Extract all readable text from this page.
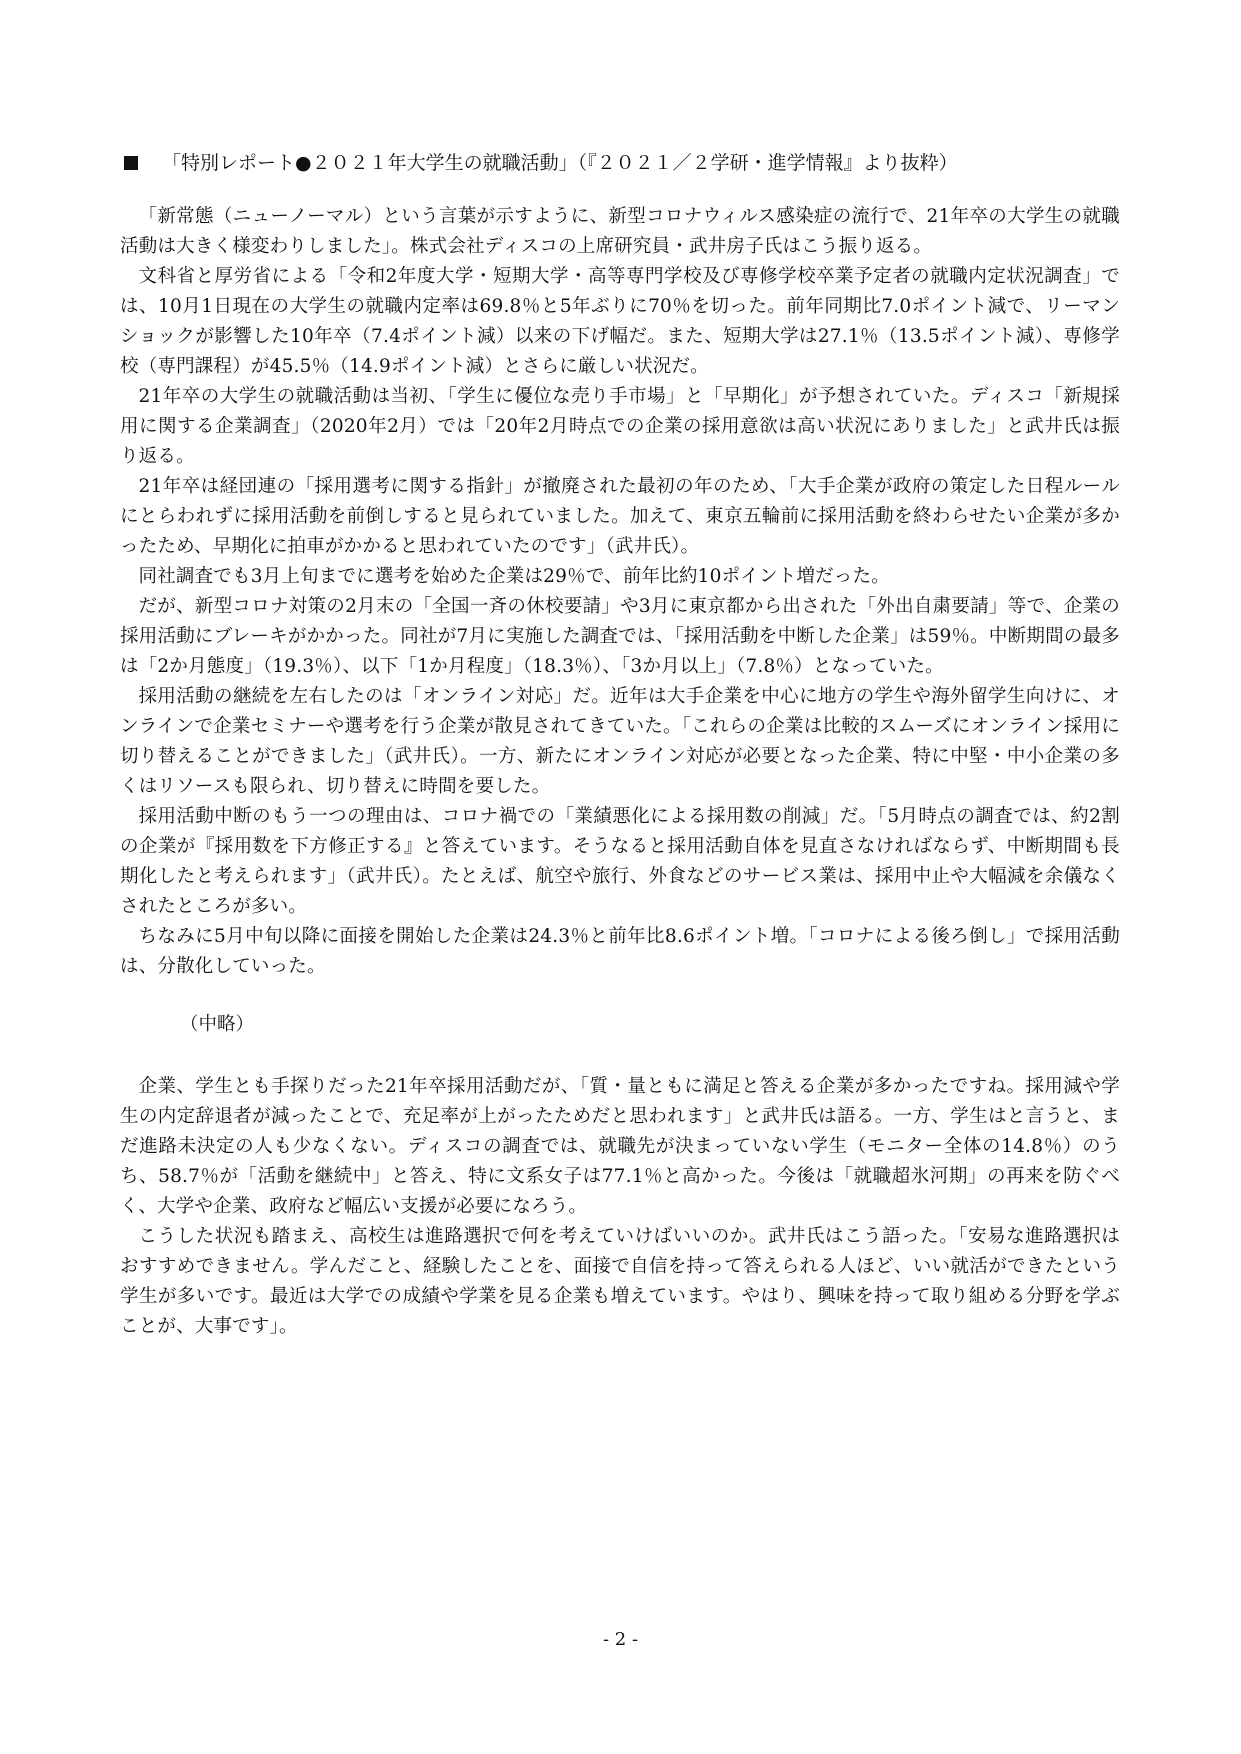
「特別レポート●２０２１年大学生の就職活動」（『２０２１／２学研・進学情報』より抜粋）

「新常態（ニューノーマル）という言葉が示すように、新型コロナウィルス感染症の流行で、21年卒の大学生の就職活動は大きく様変わりしました」。株式会社ディスコの上席研究員・武井房子氏はこう振り返る。

文科省と厚労省による「令和2年度大学・短期大学・高等専門学校及び専修学校卒業予定者の就職内定状況調査」では、10月1日現在の大学生の就職内定率は69.8％と5年ぶりに70％を切った。前年同期比7.0ポイント減で、リーマンショックが影響した10年卒（7.4ポイント減）以来の下げ幅だ。また、短期大学は27.1％（13.5ポイント減）、専修学校（専門課程）が45.5％（14.9ポイント減）とさらに厳しい状況だ。

21年卒の大学生の就職活動は当初、「学生に優位な売り手市場」と「早期化」が予想されていた。ディスコ「新規採用に関する企業調査」（2020年2月）では「20年2月時点での企業の採用意欲は高い状況にありました」と武井氏は振り返る。

21年卒は経団連の「採用選考に関する指針」が撤廃された最初の年のため、「大手企業が政府の策定した日程ルールにとらわれずに採用活動を前倒しすると見られていました。加えて、東京五輪前に採用活動を終わらせたい企業が多かったため、早期化に拍車がかかると思われていたのです」（武井氏）。

同社調査でも3月上旬までに選考を始めた企業は29％で、前年比約10ポイント増だった。

だが、新型コロナ対策の2月末の「全国一斉の休校要請」や3月に東京都から出された「外出自粛要請」等で、企業の採用活動にブレーキがかかった。同社が7月に実施した調査では、「採用活動を中断した企業」は59％。中断期間の最多は「2か月態度」（19.3％）、以下「1か月程度」（18.3％）、「3か月以上」（7.8％）となっていた。

採用活動の継続を左右したのは「オンライン対応」だ。近年は大手企業を中心に地方の学生や海外留学生向けに、オンラインで企業セミナーや選考を行う企業が散見されてきていた。「これらの企業は比較的スムーズにオンライン採用に切り替えることができました」（武井氏）。一方、新たにオンライン対応が必要となった企業、特に中堅・中小企業の多くはリソースも限られ、切り替えに時間を要した。

採用活動中断のもう一つの理由は、コロナ禍での「業績悪化による採用数の削減」だ。「5月時点の調査では、約2割の企業が『採用数を下方修正する』と答えています。そうなると採用活動自体を見直さなければならず、中断期間も長期化したと考えられます」（武井氏）。たとえば、航空や旅行、外食などのサービス業は、採用中止や大幅減を余儀なくされたところが多い。

ちなみに5月中旬以降に面接を開始した企業は24.3％と前年比8.6ポイント増。「コロナによる後ろ倒し」で採用活動は、分散化していった。

（中略）

企業、学生とも手探りだった21年卒採用活動だが、「質・量ともに満足と答える企業が多かったですね。採用減や学生の内定辞退者が減ったことで、充足率が上がったためだと思われます」と武井氏は語る。一方、学生はと言うと、まだ進路未決定の人も少なくない。ディスコの調査では、就職先が決まっていない学生（モニター全体の14.8％）のうち、58.7％が「活動を継続中」と答え、特に文系女子は77.1％と高かった。今後は「就職超氷河期」の再来を防ぐべく、大学や企業、政府など幅広い支援が必要になろう。

こうした状況も踏まえ、高校生は進路選択で何を考えていけばいいのか。武井氏はこう語った。「安易な進路選択はおすすめできません。学んだこと、経験したことを、面接で自信を持って答えられる人ほど、いい就活ができたという学生が多いです。最近は大学での成績や学業を見る企業も増えています。やはり、興味を持って取り組める分野を学ぶことが、大事です」。

- 2 -
